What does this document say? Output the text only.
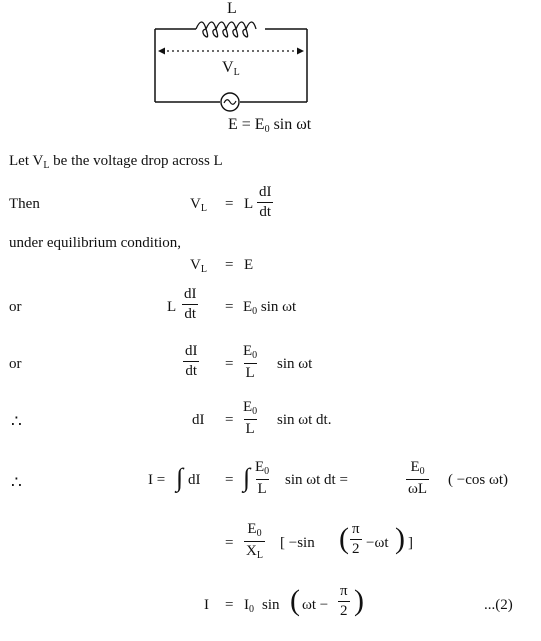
L
$V_L$
$E = E_0$ sin ωt
Let $V_L$ be the voltage drop across L
Then	$V_L = L \frac{dI}{dt}$
under equilibrium condition,
$V_L = E$
or	L $\frac{dI}{dt} = E_0$ sin ωt
or	$\frac{dI}{dt} = \frac{E_0}{L}$ sin ωt
∴	dI = $\frac{E_0}{L}$ sin ωt dt.
∴	I = ∫ dI = ∫ $\frac{E_0}{L}$ sin ωt dt =	$\frac{E_0}{\omega L}$ ( −cos ωt)
= $\frac{E_0}{X_L}$ [ −sin ( $\frac{\pi}{2} -\omega t$ ) ]
$I = I_0$ sin ( $\omega t - \frac{\pi}{2}$ )	...(2)
